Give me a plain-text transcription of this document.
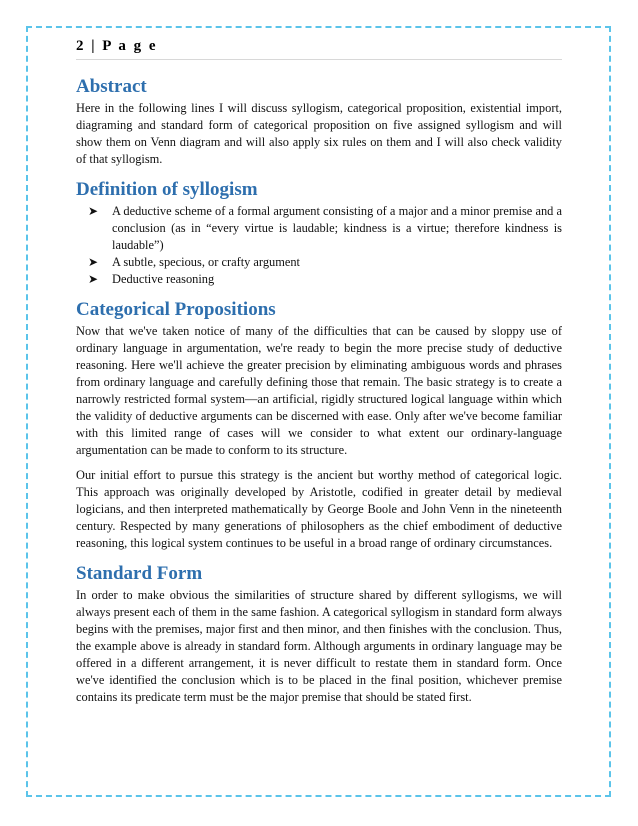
2 | P a g e
Abstract

Here in the following lines I will discuss syllogism, categorical proposition, existential import, diagraming and standard form of categorical proposition on five assigned syllogism and will show them on Venn diagram and will also apply six rules on them and I will also check validity of that syllogism.

Definition of syllogism
➤ A deductive scheme of a formal argument consisting of a major and a minor premise and a conclusion (as in “every virtue is laudable; kindness is a virtue; therefore kindness is laudable”)
➤ A subtle, specious, or crafty argument
➤ Deductive reasoning
Categorical Propositions

Now that we've taken notice of many of the difficulties that can be caused by sloppy use of ordinary language in argumentation, we're ready to begin the more precise study of deductive reasoning. Here we'll achieve the greater precision by eliminating ambiguous words and phrases from ordinary language and carefully defining those that remain. The basic strategy is to create a narrowly restricted formal system—an artificial, rigidly structured logical language within which the validity of deductive arguments can be discerned with ease. Only after we've become familiar with this limited range of cases will we consider to what extent our ordinary-language argumentation can be made to conform to its structure.

Our initial effort to pursue this strategy is the ancient but worthy method of categorical logic. This approach was originally developed by Aristotle, codified in greater detail by medieval logicians, and then interpreted mathematically by George Boole and John Venn in the nineteenth century. Respected by many generations of philosophers as the chief embodiment of deductive reasoning, this logical system continues to be useful in a broad range of ordinary circumstances.

Standard Form

In order to make obvious the similarities of structure shared by different syllogisms, we will always present each of them in the same fashion. A categorical syllogism in standard form always begins with the premises, major first and then minor, and then finishes with the conclusion. Thus, the example above is already in standard form. Although arguments in ordinary language may be offered in a different arrangement, it is never difficult to restate them in standard form. Once we've identified the conclusion which is to be placed in the final position, whichever premise contains its predicate term must be the major premise that should be stated first.
